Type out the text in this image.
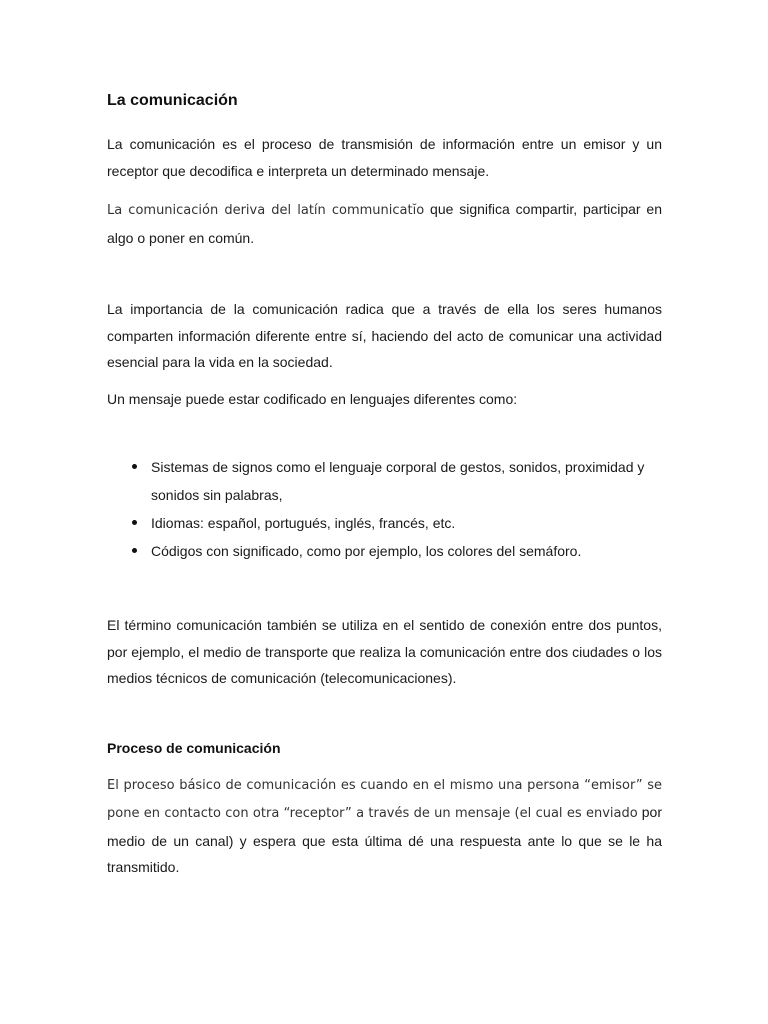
La comunicación

La comunicación es el proceso de transmisión de información entre un emisor y un receptor que decodifica e interpreta un determinado mensaje.

La comunicación deriva del latín communicatĭo que significa compartir, participar en algo o poner en común.

La importancia de la comunicación radica que a través de ella los seres humanos comparten información diferente entre sí, haciendo del acto de comunicar una actividad esencial para la vida en la sociedad.

Un mensaje puede estar codificado en lenguajes diferentes como:

Sistemas de signos como el lenguaje corporal de gestos, sonidos, proximidad y sonidos sin palabras,
Idiomas: español, portugués, inglés, francés, etc.
Códigos con significado, como por ejemplo, los colores del semáforo.

El término comunicación también se utiliza en el sentido de conexión entre dos puntos, por ejemplo, el medio de transporte que realiza la comunicación entre dos ciudades o los medios técnicos de comunicación (telecomunicaciones).

Proceso de comunicación

El proceso básico de comunicación es cuando en el mismo una persona “emisor” se pone en contacto con otra “receptor” a través de un mensaje (el cual es enviado por medio de un canal) y espera que esta última dé una respuesta ante lo que se le ha transmitido.
